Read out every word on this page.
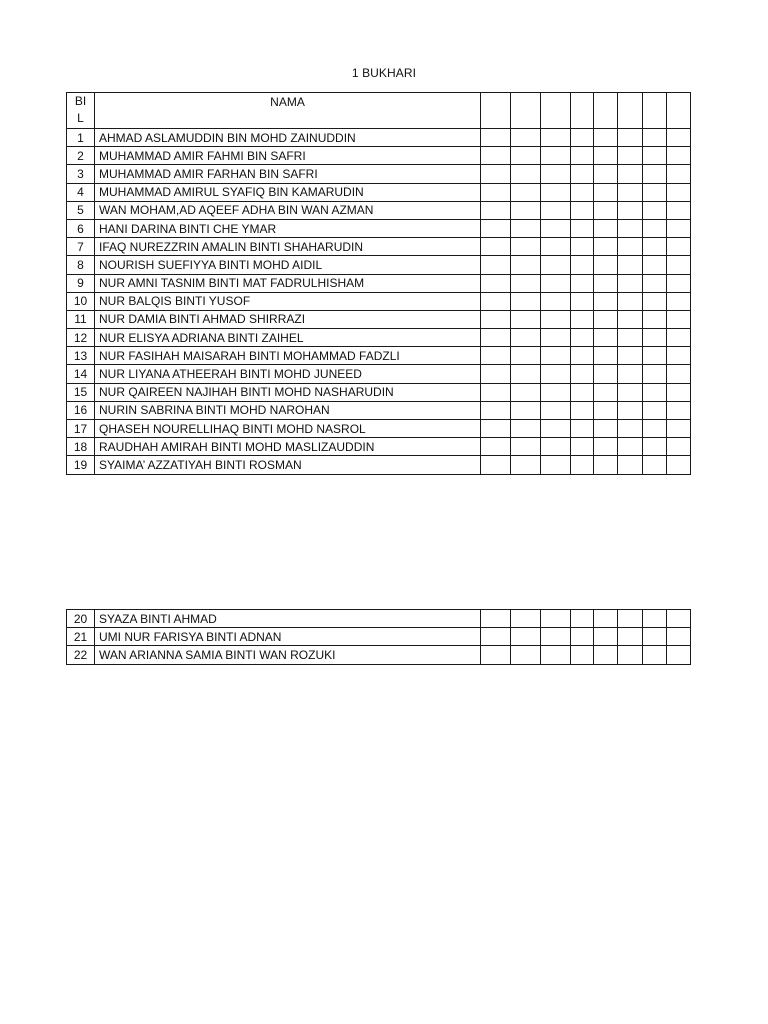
1 BUKHARI
BI
L	NAMA								
1	AHMAD ASLAMUDDIN BIN MOHD ZAINUDDIN								
2	MUHAMMAD AMIR FAHMI BIN SAFRI								
3	MUHAMMAD AMIR FARHAN BIN SAFRI								
4	MUHAMMAD AMIRUL SYAFIQ BIN KAMARUDIN								
5	WAN MOHAM,AD AQEEF ADHA BIN WAN AZMAN								
6	HANI DARINA BINTI CHE YMAR								
7	IFAQ NUREZZRIN AMALIN BINTI SHAHARUDIN								
8	NOURISH SUEFIYYA BINTI MOHD AIDIL								
9	NUR AMNI TASNIM BINTI MAT FADRULHISHAM								
10	NUR BALQIS BINTI YUSOF								
11	NUR DAMIA BINTI AHMAD SHIRRAZI								
12	NUR ELISYA ADRIANA BINTI ZAIHEL								
13	NUR FASIHAH MAISARAH BINTI MOHAMMAD FADZLI								
14	NUR LIYANA ATHEERAH BINTI MOHD JUNEED								
15	NUR QAIREEN NAJIHAH BINTI MOHD NASHARUDIN								
16	NURIN SABRINA BINTI MOHD NAROHAN								
17	QHASEH NOURELLIHAQ BINTI MOHD NASROL								
18	RAUDHAH AMIRAH BINTI MOHD MASLIZAUDDIN								
19	SYAIMA’ AZZATIYAH BINTI ROSMAN								
20	SYAZA BINTI AHMAD								
21	UMI NUR FARISYA BINTI ADNAN								
22	WAN ARIANNA SAMIA BINTI WAN ROZUKI								
